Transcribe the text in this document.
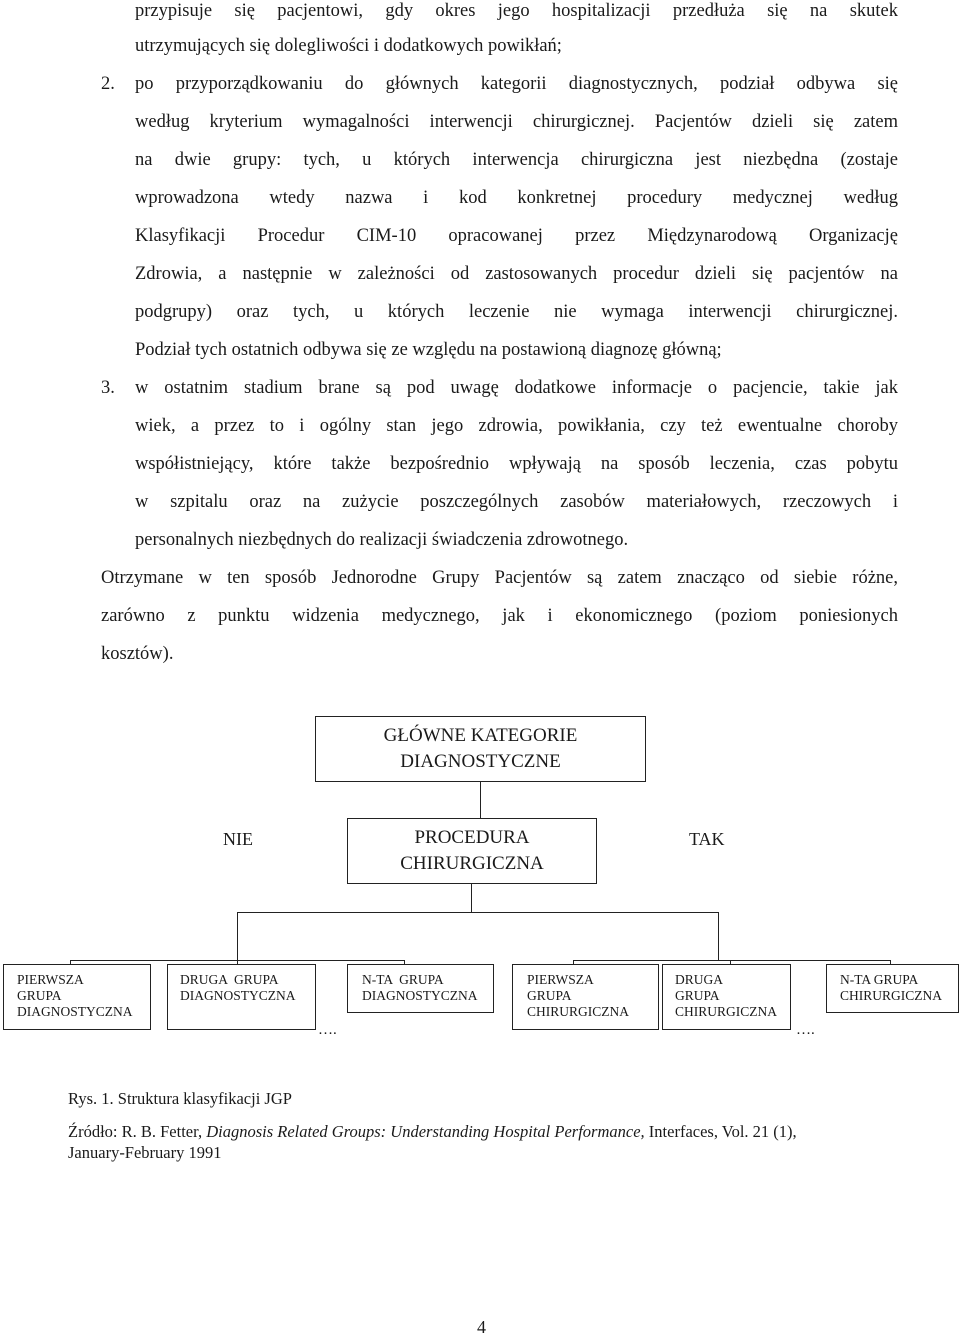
przypisuje się pacjentowi, gdy okres jego hospitalizacji przedłuża się na skutek
utrzymujących się dolegliwości i dodatkowych powikłań;
2. po przyporządkowaniu do głównych kategorii diagnostycznych, podział odbywa się
według kryterium wymagalności interwencji chirurgicznej. Pacjentów dzieli się zatem
na dwie grupy: tych, u których interwencja chirurgiczna jest niezbędna (zostaje
wprowadzona wtedy nazwa i kod konkretnej procedury medycznej według
Klasyfikacji Procedur CIM-10 opracowanej przez Międzynarodową Organizację
Zdrowia, a następnie w zależności od zastosowanych procedur dzieli się pacjentów na
podgrupy) oraz tych, u których leczenie nie wymaga interwencji chirurgicznej.
Podział tych ostatnich odbywa się ze względu na postawioną diagnozę główną;
3. w ostatnim stadium brane są pod uwagę dodatkowe informacje o pacjencie, takie jak
wiek, a przez to i ogólny stan jego zdrowia, powikłania, czy też ewentualne choroby
współistniejący, które także bezpośrednio wpływają na sposób leczenia, czas pobytu
w szpitalu oraz na zużycie poszczególnych zasobów materiałowych, rzeczowych i
personalnych niezbędnych do realizacji świadczenia zdrowotnego.
Otrzymane w ten sposób Jednorodne Grupy Pacjentów są zatem znacząco od siebie różne,
zarówno z punktu widzenia medycznego, jak i ekonomicznego (poziom poniesionych
kosztów).
GŁÓWNE KATEGORIE
DIAGNOSTYCZNE
NIE	TAK
PROCEDURA
CHIRURGICZNA
PIERWSZA
GRUPA
DIAGNOSTYCZNA
DRUGA  GRUPA
DIAGNOSTYCZNA
….
N-TA  GRUPA
DIAGNOSTYCZNA
PIERWSZA
GRUPA
CHIRURGICZNA
DRUGA
GRUPA
CHIRURGICZNA
….
N-TA GRUPA
CHIRURGICZNA
Rys. 1. Struktura klasyfikacji JGP
Źródło: R. B. Fetter, Diagnosis Related Groups: Understanding Hospital Performance, Interfaces, Vol. 21 (1),
January-February 1991
4
